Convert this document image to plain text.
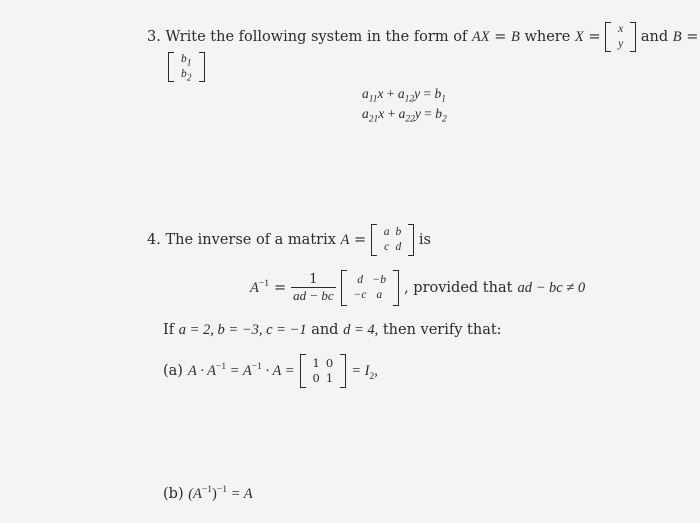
3. Write the following system in the form of AX = B where X = x
y and B =
$b_1$
$b_2$
$a_{11}x + a_{12}y = b_1$
$a_{21}x + a_{22}y = b_2$
4. The inverse of a matrix A = a b
c d is
$A^{-1} = \frac{1}{ad - bc}$	d −b
−c a	, provided that ad − bc ≠ 0
If a = 2, b = −3, c = −1 and d = 4, then verify that:
(a) $A \cdot A^{-1} = A^{-1} \cdot A = 1$ 0
0 $1 = I_2$,
(b) $(A^{-1})^{-1} = A$
